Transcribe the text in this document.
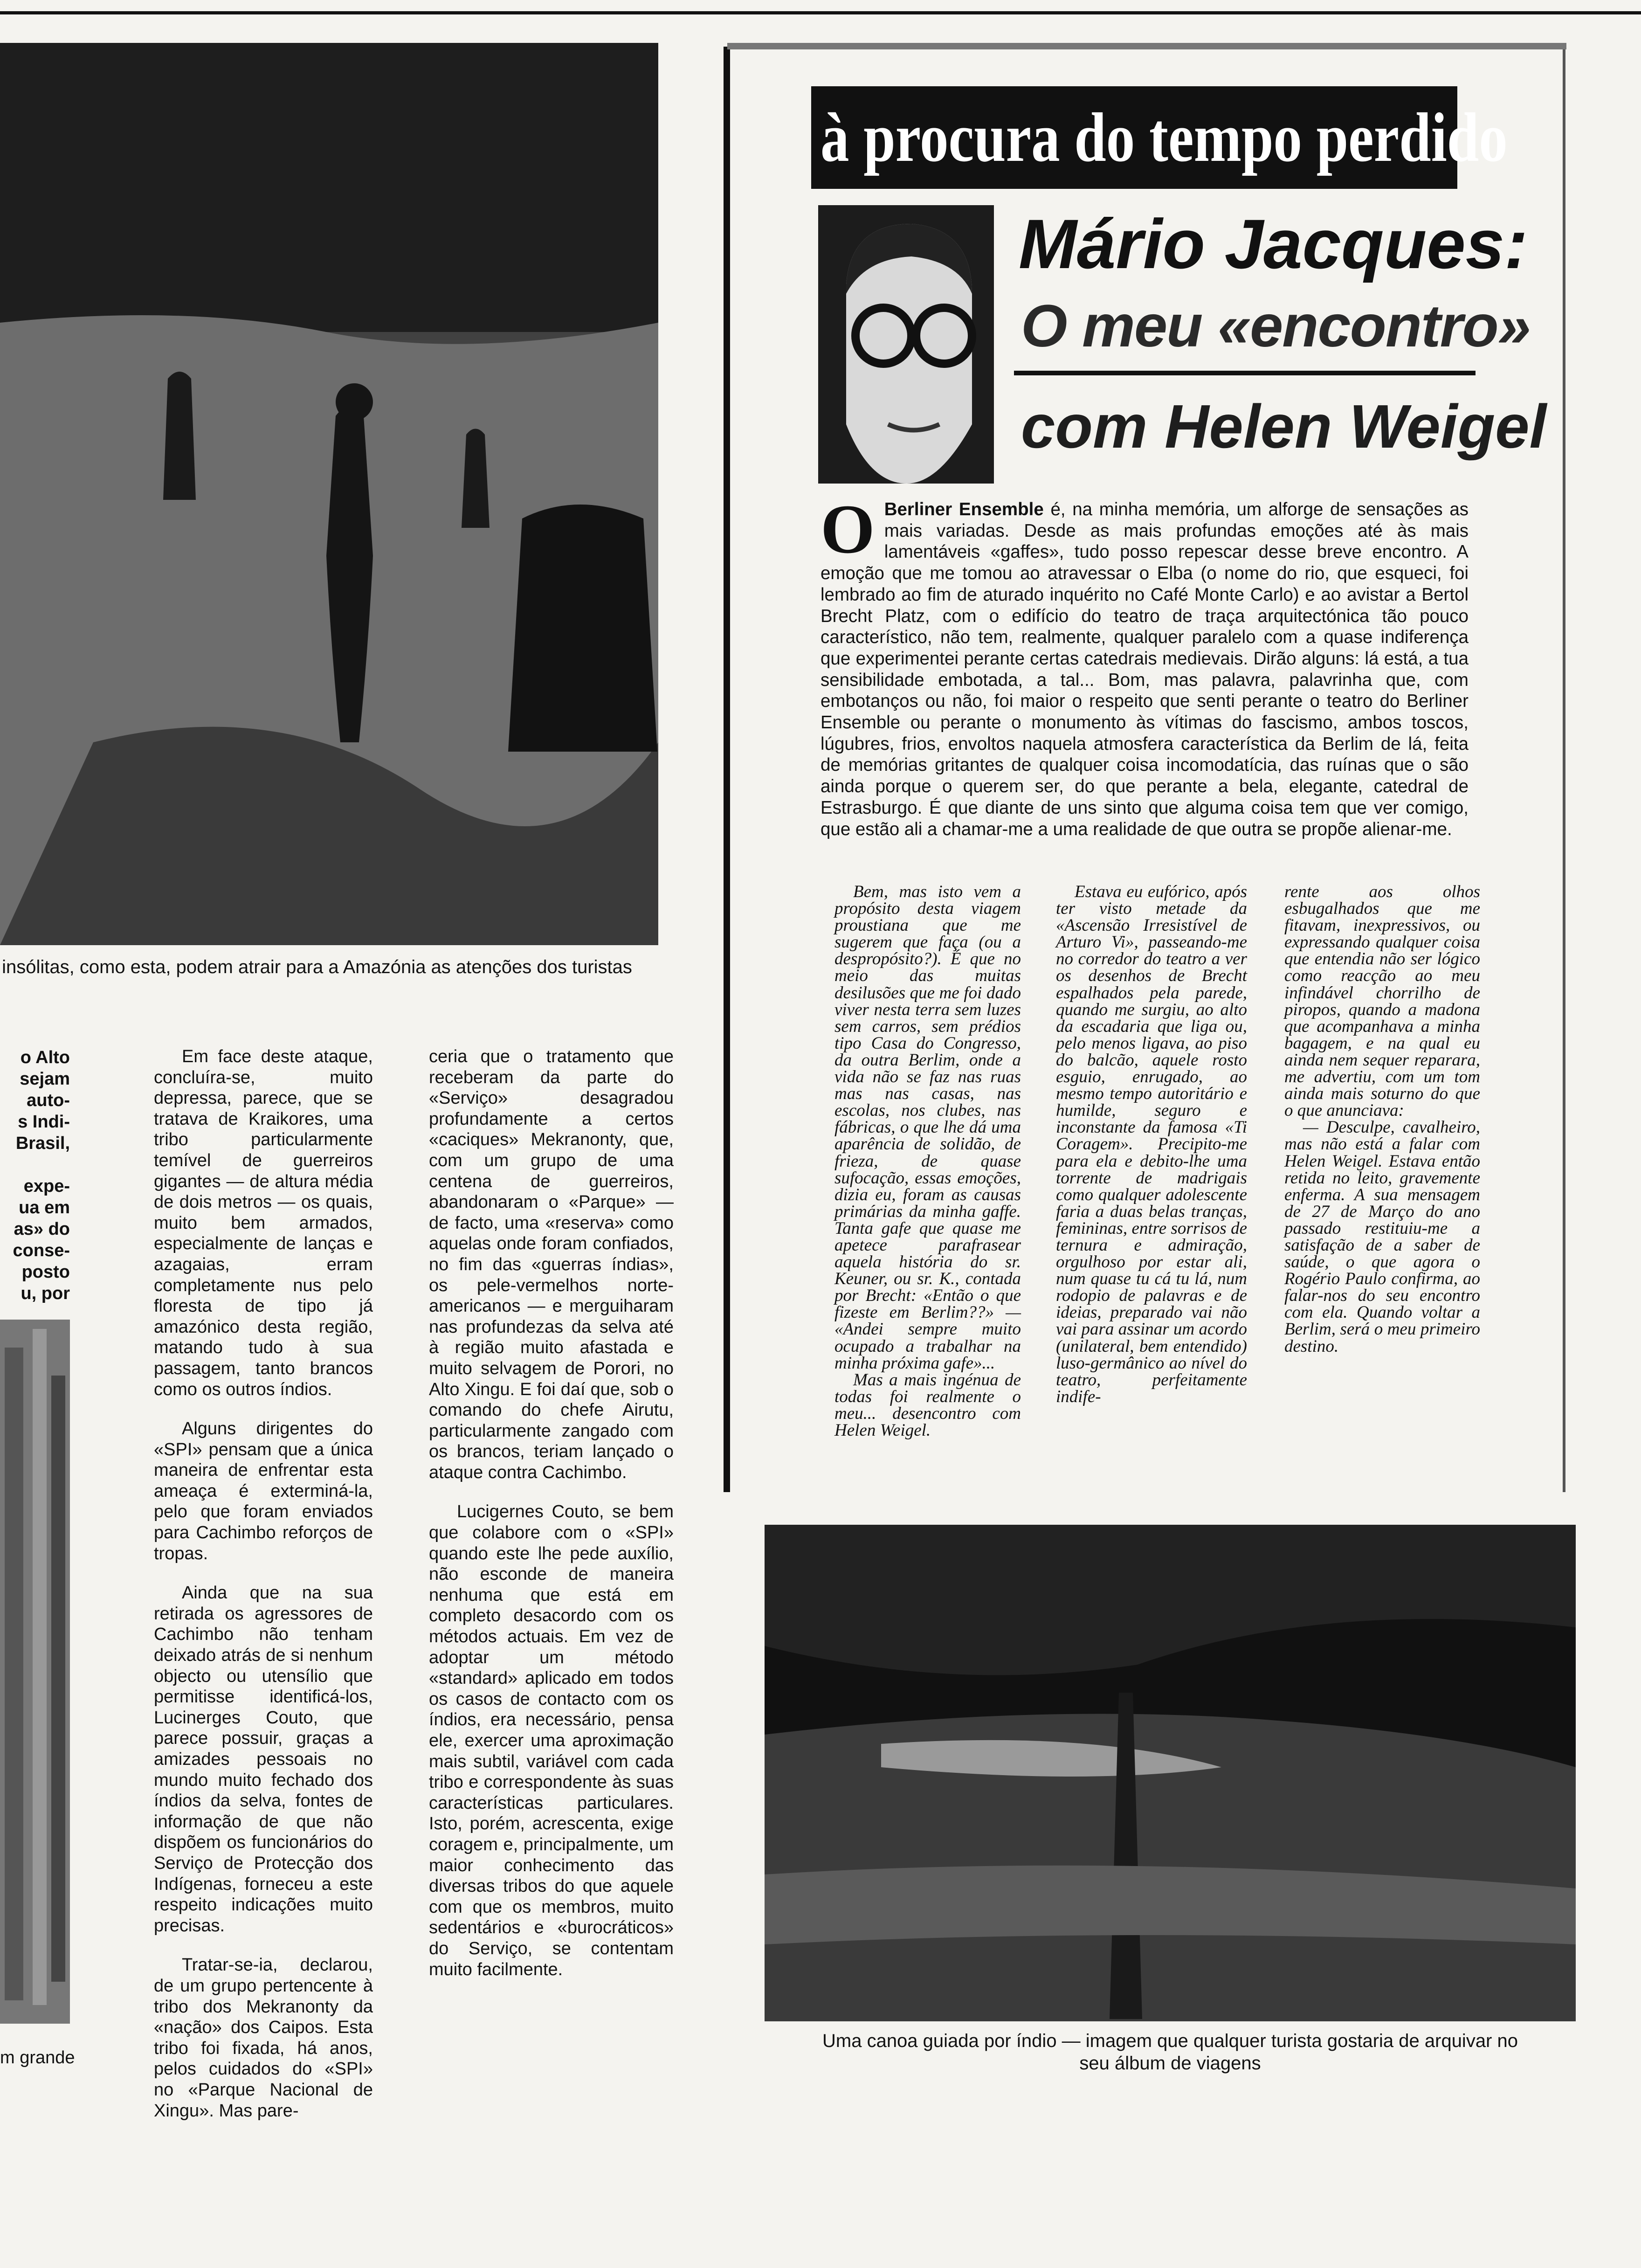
insólitas, como esta, podem atrair para a Amazónia as atenções dos turistas
o Alto
sejam
auto-
s Indi-
Brasil,

expe-
ua em
as» do
conse-
posto
u, por
m grande

Em face deste ataque, concluíra-se, muito depressa, parece, que se tratava de Kraikores, uma tribo particularmente temível de guerreiros gigantes — de altura média de dois metros — os quais, muito bem armados, especialmente de lanças e azagaias, erram completamente nus pelo floresta de tipo já amazónico desta região, matando tudo à sua passagem, tanto brancos como os outros índios.

Alguns dirigentes do «SPI» pensam que a única maneira de enfrentar esta ameaça é exterminá-la, pelo que foram enviados para Cachimbo reforços de tropas.

Ainda que na sua retirada os agressores de Cachimbo não tenham deixado atrás de si nenhum objecto ou utensílio que permitisse identificá-los, Lucinerges Couto, que parece possuir, graças a amizades pessoais no mundo muito fechado dos índios da selva, fontes de informação de que não dispõem os funcionários do Serviço de Protecção dos Indígenas, forneceu a este respeito indicações muito precisas.

Tratar-se-ia, declarou, de um grupo pertencente à tribo dos Mekranonty da «nação» dos Caipos. Esta tribo foi fixada, há anos, pelos cuidados do «SPI» no «Parque Nacional de Xingu». Mas pare-

ceria que o tratamento que receberam da parte do «Serviço» desagradou profundamente a certos «caciques» Mekranonty, que, com um grupo de uma centena de guerreiros, abandonaram o «Parque» — de facto, uma «reserva» como aquelas onde foram confiados, no fim das «guerras índias», os pele-vermelhos norte-americanos — e merguiharam nas profundezas da selva até à região muito afastada e muito selvagem de Porori, no Alto Xingu. E foi daí que, sob o comando do chefe Airutu, particularmente zangado com os brancos, teriam lançado o ataque contra Cachimbo.

Lucigernes Couto, se bem que colabore com o «SPI» quando este lhe pede auxílio, não esconde de maneira nenhuma que está em completo desacordo com os métodos actuais. Em vez de adoptar um método «standard» aplicado em todos os casos de contacto com os índios, era necessário, pensa ele, exercer uma aproximação mais subtil, variável com cada tribo e correspondente às suas características particulares. Isto, porém, acrescenta, exige coragem e, principalmente, um maior conhecimento das diversas tribos do que aquele com que os membros, muito sedentários e «burocráticos» do Serviço, se contentam muito facilmente.

à procura do tempo perdido
Mário Jacques:
O meu «encontro»
com Helen Weigel
O Berliner Ensemble é, na minha memória, um alforge de sensações as mais variadas. Desde as mais profundas emoções até às mais lamentáveis «gaffes», tudo posso repescar desse breve encontro. A emoção que me tomou ao atravessar o Elba (o nome do rio, que esqueci, foi lembrado ao fim de aturado inquérito no Café Monte Carlo) e ao avistar a Bertol Brecht Platz, com o edifício do teatro de traça arquitectónica tão pouco característico, não tem, realmente, qualquer paralelo com a quase indiferença que experimentei perante certas catedrais medievais. Dirão alguns: lá está, a tua sensibilidade embotada, a tal... Bom, mas palavra, palavrinha que, com embotanços ou não, foi maior o respeito que senti perante o teatro do Berliner Ensemble ou perante o monumento às vítimas do fascismo, ambos toscos, lúgubres, frios, envoltos naquela atmosfera característica da Berlim de lá, feita de memórias gritantes de qualquer coisa incomodatícia, das ruínas que o são ainda porque o querem ser, do que perante a bela, elegante, catedral de Estrasburgo. É que diante de uns sinto que alguma coisa tem que ver comigo, que estão ali a chamar-me a uma realidade de que outra se propõe alienar-me.

Bem, mas isto vem a propósito desta viagem proustiana que me sugerem que faça (ou a despropósito?). É que no meio das muitas desilusões que me foi dado viver nesta terra sem luzes sem carros, sem prédios tipo Casa do Congresso, da outra Berlim, onde a vida não se faz nas ruas mas nas casas, nas escolas, nos clubes, nas fábricas, o que lhe dá uma aparência de solidão, de frieza, de quase sufocação, essas emoções, dizia eu, foram as causas primárias da minha gaffe. Tanta gafe que quase me apetece parafrasear aquela história do sr. Keuner, ou sr. K., contada por Brecht: «Então o que fizeste em Berlim??» — «Andei sempre muito ocupado a trabalhar na minha próxima gafe»...

Mas a mais ingénua de todas foi realmente o meu... desencontro com Helen Weigel.

Estava eu eufórico, após ter visto metade da «Ascensão Irresistível de Arturo Vi», passeando-me no corredor do teatro a ver os desenhos de Brecht espalhados pela parede, quando me surgiu, ao alto da escadaria que liga ou, pelo menos ligava, ao piso do balcão, aquele rosto esguio, enrugado, ao mesmo tempo autoritário e humilde, seguro e inconstante da famosa «Ti Coragem». Precipito-me para ela e debito-lhe uma torrente de madrigais como qualquer adolescente faria a duas belas tranças, femininas, entre sorrisos de ternura e admiração, orgulhoso por estar ali, num quase tu cá tu lá, num rodopio de palavras e de ideias, preparado vai não vai para assinar um acordo (unilateral, bem entendido) luso-germânico ao nível do teatro, perfeitamente indife-

rente aos olhos esbugalhados que me fitavam, inexpressivos, ou expressando qualquer coisa que entendia não ser lógico como reacção ao meu infindável chorrilho de piropos, quando a madona que acompanhava a minha bagagem, e na qual eu ainda nem sequer reparara, me advertiu, com um tom ainda mais soturno do que o que anunciava:

— Desculpe, cavalheiro, mas não está a falar com Helen Weigel. Estava então retida no leito, gravemente enferma. A sua mensagem de 27 de Março do ano passado restituiu-me a satisfação de a saber de saúde, o que agora o Rogério Paulo confirma, ao falar-nos do seu encontro com ela. Quando voltar a Berlim, será o meu primeiro destino.

Uma canoa guiada por índio — imagem que qualquer turista gostaria de arquivar no seu álbum de viagens
